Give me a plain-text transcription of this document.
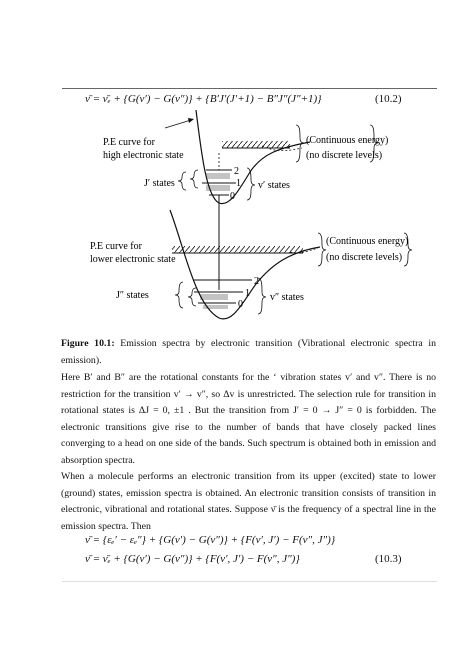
ν̄ = ν̄ₑ + {G(v′) − G(v″)} + {B′J′(J′+1) − B″J″(J″+1)}	(10.2)
P.E curve for
high electronic state
J′ states	v′ states
(Continuous energy)
(no discrete levels)
2
1
0
P.E curve for
lower electronic state
J″ states	v″ states
(Continuous energy)
(no discrete levels)
2
1
0
Figure 10.1: Emission spectra by electronic transition (Vibrational electronic spectra in emission).
Here B′ and B″ are the rotational constants for the ‘ vibration states v′ and v″. There is no restriction for the transition v′ → v″, so Δv is unrestricted. The selection rule for transition in rotational states is ΔJ = 0, ±1 . But the transition from J′ = 0 → J″ = 0 is forbidden. The electronic transitions give rise to the number of bands that have closely packed lines converging to a head on one side of the bands. Such spectrum is obtained both in emission and absorption spectra.
When a molecule performs an electronic transition from its upper (excited) state to lower (ground) states, emission spectra is obtained. An electronic transition consists of transition in electronic, vibrational and rotational states. Suppose ν̄ is the frequency of a spectral line in the emission spectra. Then
ν̄ = {εₑ′ − εₑ″} + {G(v′) − G(v″)} + {F(v′, J′) − F(v″, J″)}
ν̄ = ν̄ₑ + {G(v′) − G(v″)} + {F(v′, J′) − F(v″, J″)}	(10.3)
